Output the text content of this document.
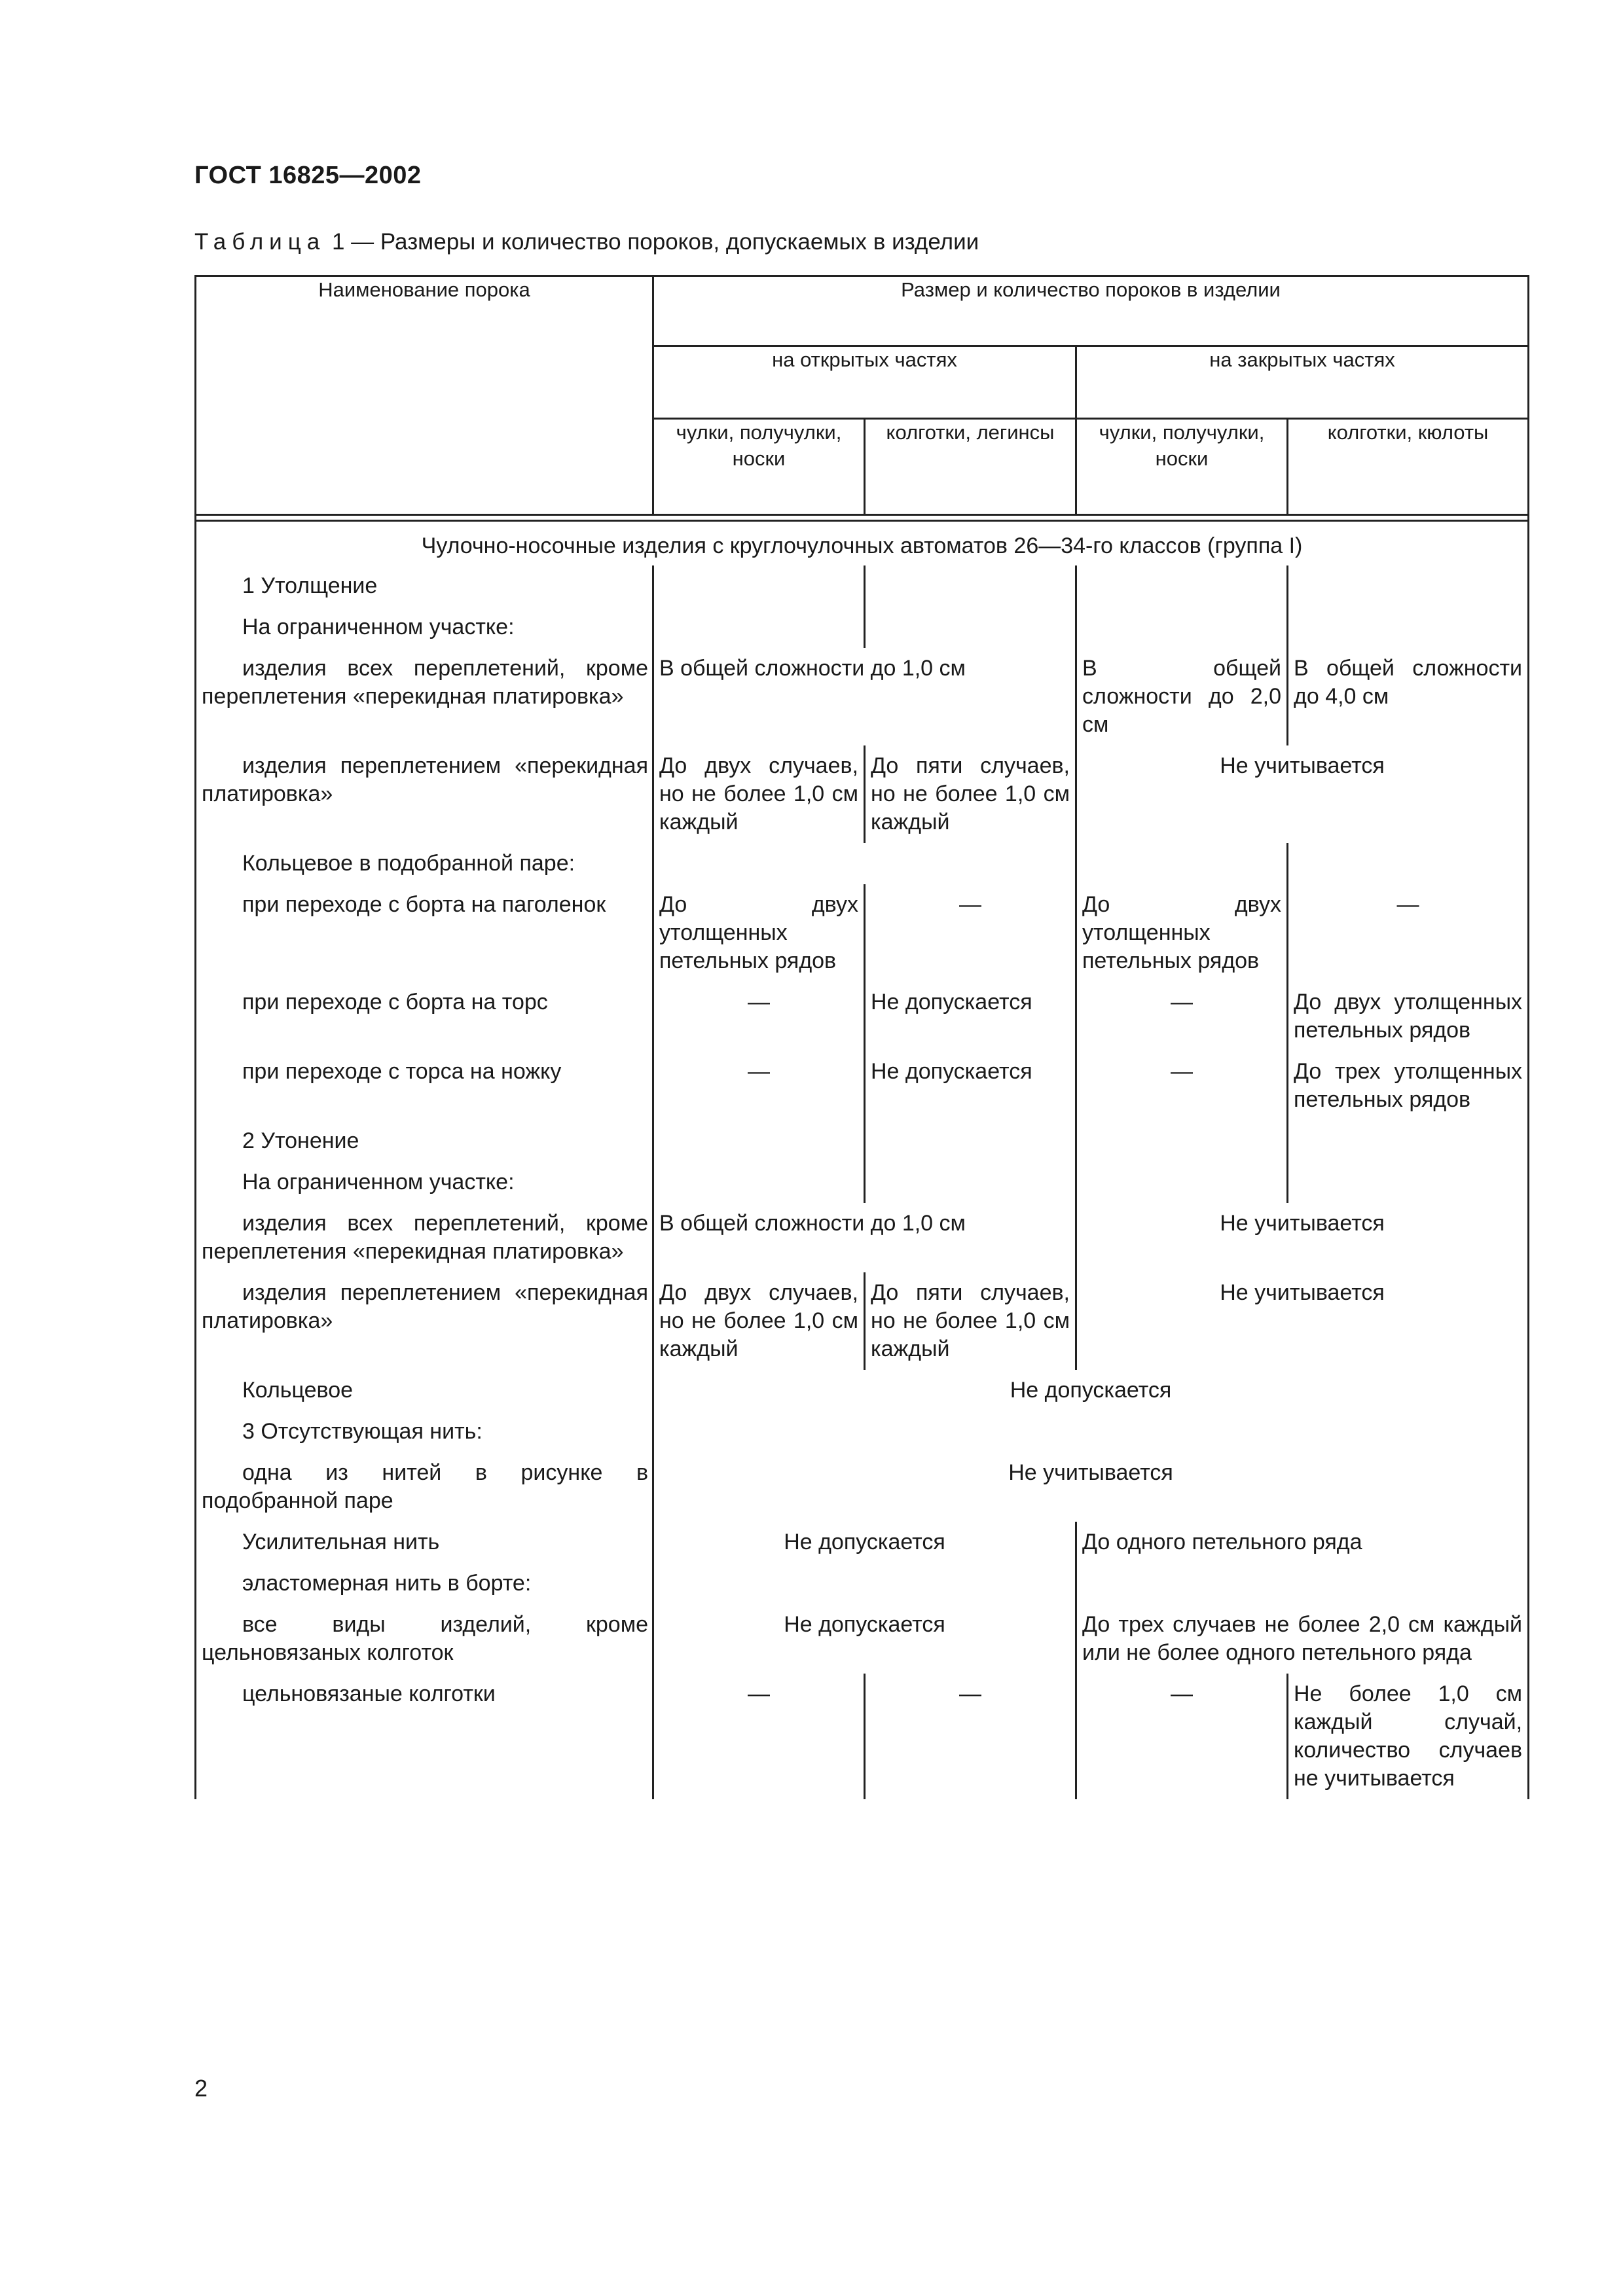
ГОСТ 16825—2002
Таблица 1 — Размеры и количество пороков, допускаемых в изделии
Наименование порока	Размер и количество пороков в изделии			
	на открытых частях		на закрытых частях	
	чулки, получулки, носки	колготки, легинсы	чулки, получулки, носки	колготки, кюлоты

Чулочно-носочные изделия с круглочулочных автоматов 26—34-го классов (группа I)				
1 Утолщение				
На ограниченном участке:				
изделия всех переплетений, кроме переплетения «перекидная платировка»	В общей сложности до 1,0 см		В общей сложности до 2,0 см	В общей сложности до 4,0 см
изделия переплетением «перекидная платировка»	До двух случаев, но не более 1,0 см каждый	До пяти случаев, но не более 1,0 см каждый	Не учитывается	
Кольцевое в подобранной паре:				
при переходе с борта на паголенок	До двух утолщенных петельных рядов	—	До двух утолщенных петельных рядов	—
при переходе с борта на торс	—	Не допускается	—	До двух утолщенных петельных рядов
при переходе с торса на ножку	—	Не допускается	—	До трех утолщенных петельных рядов
2 Утонение				
На ограниченном участке:				
изделия всех переплетений, кроме переплетения «перекидная платировка»	В общей сложности до 1,0 см		Не учитывается	
изделия переплетением «перекидная платировка»	До двух случаев, но не более 1,0 см каждый	До пяти случаев, но не более 1,0 см каждый	Не учитывается	
Кольцевое	Не допускается			
3 Отсутствующая нить:				
одна из нитей в рисунке в подобранной паре	Не учитывается			
Усилительная нить	Не допускается		До одного петельного ряда	
эластомерная нить в борте:				
все виды изделий, кроме цельновязаных колготок	Не допускается		До трех случаев не более 2,0 см каждый или не более одного петельного ряда	
цельновязаные колготки	—	—	—	Не более 1,0 см каждый случай, количество случаев не учитывается
2
